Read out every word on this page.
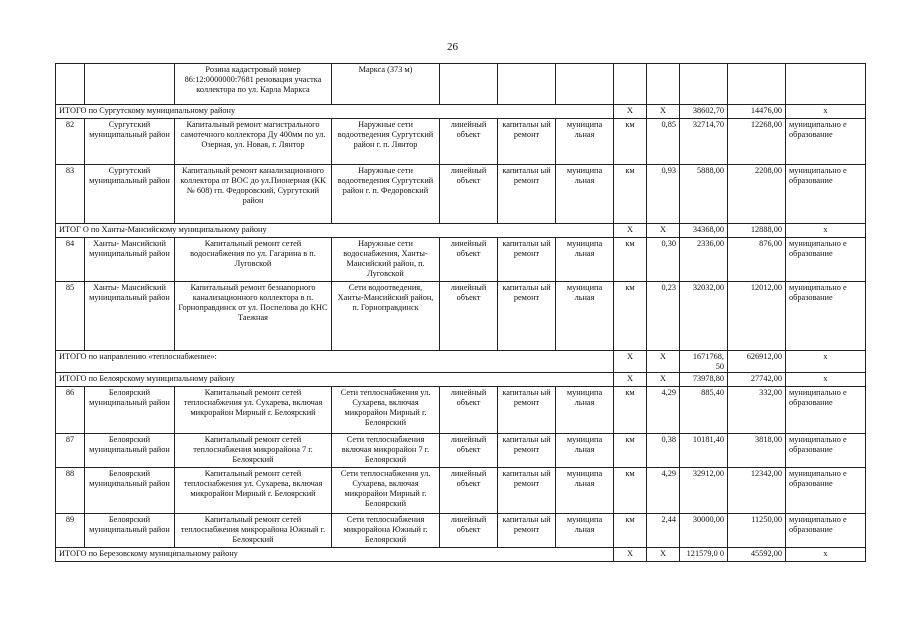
26
		Розина кадастровый номер 86:12:0000000:7681 реновация участка коллектора по ул. Карла Маркса	Маркса (373 м)								
ИТОГО по Сургутскому муниципальному району							Х	Х	38602,70	14476,00	х
82	Сургутский муниципальный район	Капитальный ремонт магистрального самотечного коллектора Ду 400мм по ул. Озерная, ул. Новая, г. Лянтор	Наружные сети водоотведения Сургутский район г. п. Лянтор	линейный объект	капитальн ый ремонт	муниципа льная	км	0,85	32714,70	12268,00	муниципально е образование
83	Сургутский муниципальный район	Капитальный ремонт канализационного коллектора от ВОС до ул.Пионерная (КК № 608) гп. Федоровский, Сургутский район	Наружные сети водоотведения Сургутский район г. п. Федоровский	линейный объект	капитальн ый ремонт	муниципа льная	км	0,93	5888,00	2208,00	муниципально е образование
ИТОГ О по Ханты-Мансийскому муниципальному району							Х	Х	34368,00	12888,00	х
84	Ханты- Мансийский муниципальный район	Капитальный ремонт сетей водоснабжения по ул. Гагарина в п. Луговской	Наружные сети водоснабжения, Ханты- Мансийский район, п. Луговской	линейный объект	капитальн ый ремонт	муниципа льная	км	0,30	2336,00	876,00	муниципально е образование
85	Ханты- Мансийский муниципальный район	Капитальный ремонт безнапорного канализационного коллектора в п. Горноправдинск от ул. Поспелова до КНС Таежная	Сети водоотведения, Ханты-Мансийский район, п. Горноправдинск	линейный объект	капитальн ый ремонт	муниципа льная	км	0,23	32032,00	12012,00	муниципально е образование
ИТОГО по направлению «теплоснабжение»:							Х	Х	1671768, 50	626912,00	х
ИТОГО по Белоярскому муниципальному району							Х	Х	73978,80	27742,00	х
86	Белоярский муниципальный район	Капитальный ремонт сетей теплоснабжения ул. Сухарева, включая микрорайон Мирный г. Белоярский	Сети теплоснабжения ул. Сухарева, включая микрорайон Мирный г. Белоярский	линейный объект	капитальн ый ремонт	муниципа льная	км	4,29	885,40	332,00	муниципально е образование
87	Белоярский муниципальный район	Капитальный ремонт сетей теплоснабжения микрорайона 7 г. Белоярский	Сети теплоснабжения включая микрорайон 7 г. Белоярский	линейный объект	капитальн ый ремонт	муниципа льная	км	0,38	10181,40	3818,00	муниципально е образование
88	Белоярский муниципальный район	Капитальный ремонт сетей теплоснабжения ул. Сухарева, включая микрорайон Мирный г. Белоярский	Сети теплоснабжения ул. Сухарева, включая микрорайон Мирный г. Белоярский	линейный объект	капитальн ый ремонт	муниципа льная	км	4,29	32912,00	12342,00	муниципально е образование
89	Белоярский муниципальный район	Капитальный ремонт сетей теплоснабжения микрорайона Южный г. Белоярский	Сети теплоснабжения микрорайона Южный г. Белоярский	линейный объект	капитальн ый ремонт	муниципа льная	км	2,44	30000,00	11250,00	муниципально е образование
ИТОГО по Березовскому муниципальному району							Х	Х	121579,0 0	45592,00	х
